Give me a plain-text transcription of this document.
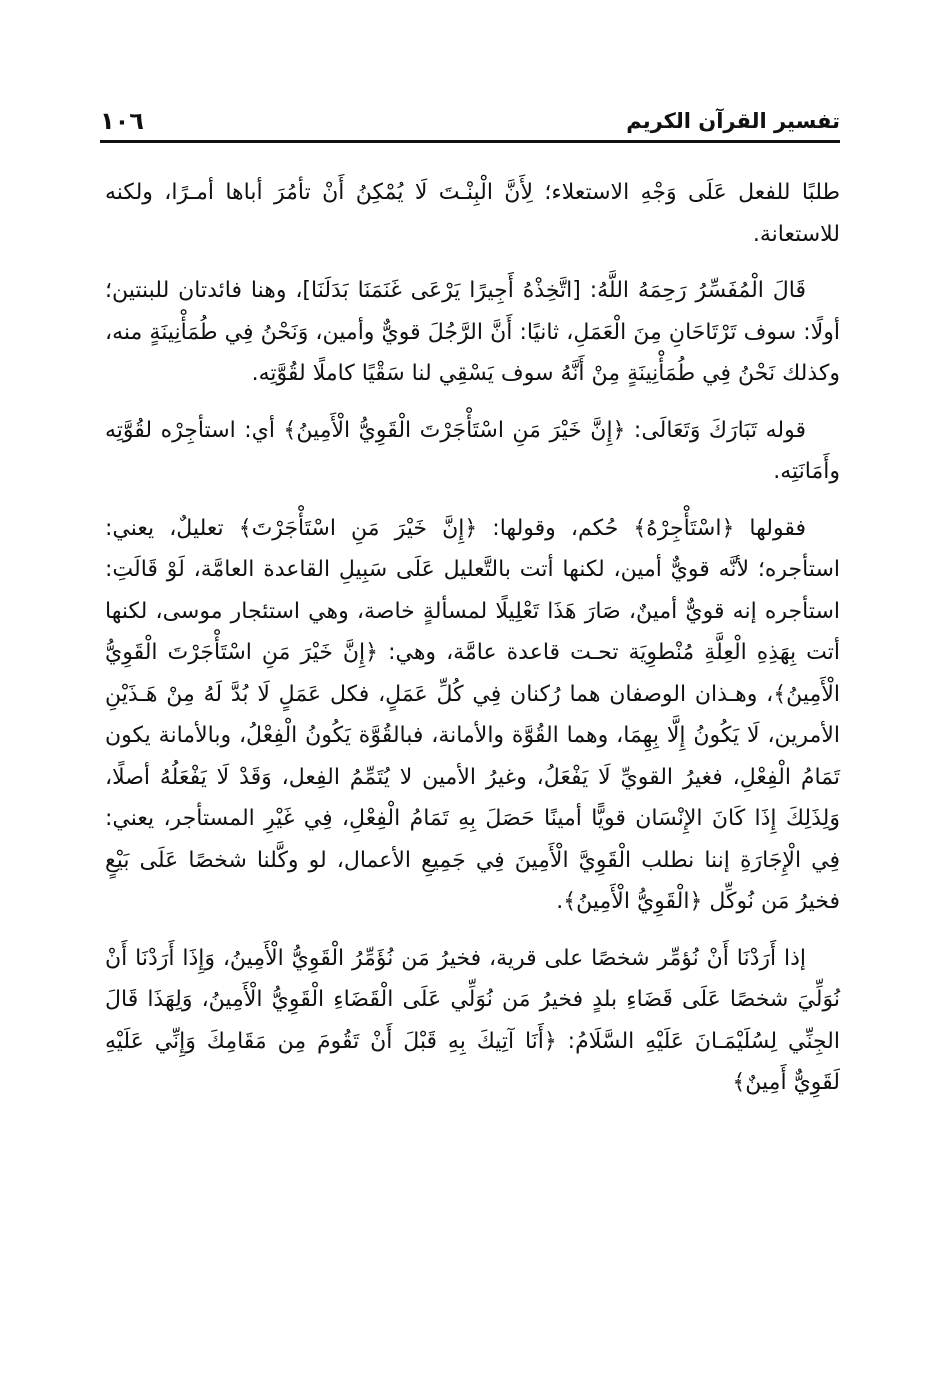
تفسير القرآن الكريم
١٠٦

طلبًا للفعل عَلَى وَجْهِ الاستعلاء؛ لِأَنَّ الْبِنْـتَ لَا يُمْكِنُ أَنْ تأمُرَ أباها أمـرًا، ولكنه للاستعانة.

قَالَ الْمُفَسِّرُ رَحِمَهُ اللَّهُ: [اتَّخِذْهُ أَجِيرًا يَرْعَى غَنَمَنَا بَدَلَنَا]، وهنا فائدتان للبنتين؛ أولًا: سوف تَرْتَاحَانِ مِنَ الْعَمَلِ، ثانيًا: أَنَّ الرَّجُلَ قويٌّ وأمين، وَنَحْنُ فِي طُمَأْنِينَةٍ منه، وكذلك نَحْنُ فِي طُمَأْنِينَةٍ مِنْ أَنَّهُ سوف يَسْقِي لنا سَقْيًا كاملًا لقُوَّتِه.

قوله تَبَارَكَ وَتَعَالَى: ﴿إِنَّ خَيْرَ مَنِ اسْتَأْجَرْتَ الْقَوِيُّ الْأَمِينُ﴾ أي: استأجِرْه لقُوَّتِه وأَمَانَتِه.

فقولها ﴿اسْتَأْجِرْهُ﴾ حُكم، وقولها: ﴿إِنَّ خَيْرَ مَنِ اسْتَأْجَرْتَ﴾ تعليلٌ، يعني: استأجره؛ لأنَّه قويٌّ أمين، لكنها أتت بالتَّعليل عَلَى سَبِيلِ القاعدة العامَّة، لَوْ قَالَتِ: استأجره إنه قويٌّ أمينٌ، صَارَ هَذَا تَعْلِيلًا لمسألةٍ خاصة، وهي استئجار موسى، لكنها أتت بِهَذِهِ الْعِلَّةِ مُنْطوِيَة تحـت قاعدة عامَّة، وهي: ﴿إِنَّ خَيْرَ مَنِ اسْتَأْجَرْتَ الْقَوِيُّ الْأَمِينُ﴾، وهـذان الوصفان هما رُكنان فِي كُلِّ عَمَلٍ، فكل عَمَلٍ لَا بُدَّ لَهُ مِنْ هَـذَيْنِ الأمرين، لَا يَكُونُ إِلَّا بِهِمَا، وهما القُوَّة والأمانة، فبالقُوَّة يَكُونُ الْفِعْلُ، وبالأمانة يكون تَمَامُ الْفِعْلِ، فغيرُ القويِّ لَا يَفْعَلُ، وغيرُ الأمين لا يُتَمِّمُ الفِعل، وَقَدْ لَا يَفْعَلُهُ أصلًا، وَلِذَلِكَ إِذَا كَانَ الإِنْسَان قويًّا أمينًا حَصَلَ بِهِ تَمَامُ الْفِعْلِ، فِي غَيْرِ المستأجر، يعني: فِي الْإِجَارَةِ إننا نطلب الْقَوِيَّ الْأَمِينَ فِي جَمِيعِ الأعمال، لو وكَّلنا شخصًا عَلَى بَيْعٍ فخيرُ مَن نُوكِّل ﴿الْقَوِيُّ الْأَمِينُ﴾.

إذا أَرَدْنَا أَنْ نُؤمِّر شخصًا على قرية، فخيرُ مَن نُؤَمِّرُ الْقَوِيُّ الْأَمِينُ، وَإِذَا أَرَدْنَا أَنْ نُوَلِّيَ شخصًا عَلَى قَضَاءِ بلدٍ فخيرُ مَن نُوَلِّي عَلَى الْقَضَاءِ الْقَوِيُّ الْأَمِينُ، وَلِهَذَا قَالَ الجِنِّي لِسُلَيْمَـانَ عَلَيْهِ السَّلَامُ: ﴿أَنَا آتِيكَ بِهِ قَبْلَ أَنْ تَقُومَ مِن مَقَامِكَ وَإِنِّي عَلَيْهِ لَقَوِيٌّ أَمِينٌ﴾
